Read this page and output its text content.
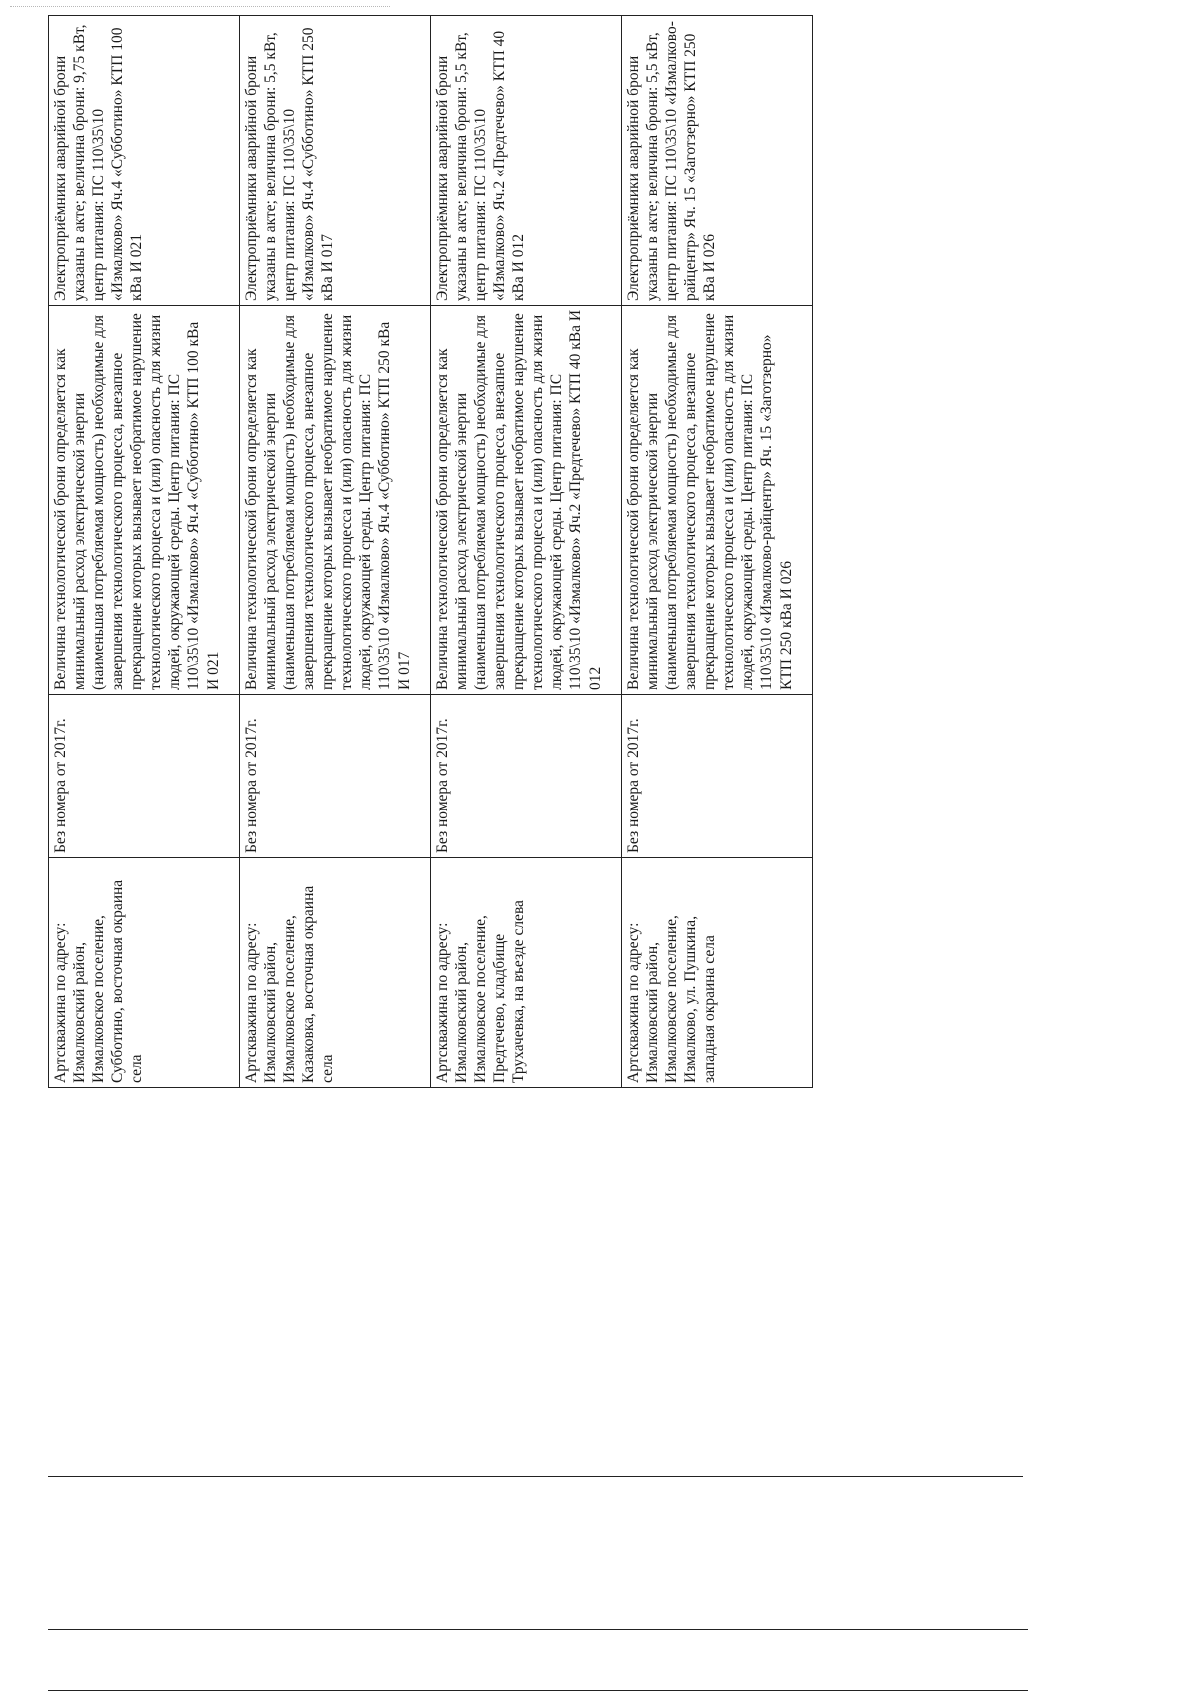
Артскважина по адресу: Измалковский район, Измалковское поселение, Субботино, восточная окраина села	Без номера от 2017г.	Величина технологической брони определяется как минимальный расход электрической энергии (наименьшая потребляемая мощность) необходимые для завершения технологического процесса, внезапное прекращение которых вызывает необратимое нарушение технологического процесса и (или) опасность для жизни людей, окружающей среды. Центр питания: ПС 110\35\10 «Измалково» Яч.4 «Субботино» КТП 100 кВа И 021	Электроприёмники аварийной брони указаны в акте; величина брони: 9,75 кВт, центр питания: ПС 110\35\10 «Измалково» Яч.4 «Субботино» КТП 100 кВа И 021

Артскважина по адресу: Измалковский район, Измалковское поселение, Казаковка, восточная окраина села	Без номера от 2017г.	Величина технологической брони определяется как минимальный расход электрической энергии (наименьшая потребляемая мощность) необходимые для завершения технологического процесса, внезапное прекращение которых вызывает необратимое нарушение технологического процесса и (или) опасность для жизни людей, окружающей среды. Центр питания: ПС 110\35\10 «Измалково» Яч.4 «Субботино» КТП 250 кВа И 017	Электроприёмники аварийной брони указаны в акте; величина брони: 5,5 кВт, центр питания: ПС 110\35\10 «Измалково» Яч.4 «Субботино» КТП 250 кВа И 017

Артскважина по адресу: Измалковский район, Измалковское поселение, Предтечево, кладбище Трухачевка, на въезде слева	Без номера от 2017г.	Величина технологической брони определяется как минимальный расход электрической энергии (наименьшая потребляемая мощность) необходимые для завершения технологического процесса, внезапное прекращение которых вызывает необратимое нарушение технологического процесса и (или) опасность для жизни людей, окружающей среды. Центр питания: ПС 110\35\10 «Измалково» Яч.2 «Предтечево» КТП 40 кВа И 012	Электроприёмники аварийной брони указаны в акте; величина брони: 5,5 кВт, центр питания: ПС 110\35\10 «Измалково» Яч.2 «Предтечево» КТП 40 кВа И 012

Артскважина по адресу: Измалковский район, Измалковское поселение, Измалково, ул. Пушкина, западная окраина села	Без номера от 2017г.	Величина технологической брони определяется как минимальный расход электрической энергии (наименьшая потребляемая мощность) необходимые для завершения технологического процесса, внезапное прекращение которых вызывает необратимое нарушение технологического процесса и (или) опасность для жизни людей, окружающей среды. Центр питания: ПС 110\35\10 «Измалково-райцентр» Яч. 15 «Заготзерно» КТП 250 кВа И 026	Электроприёмники аварийной брони указаны в акте; величина брони: 5,5 кВт, центр питания: ПС 110\35\10 «Измалково-райцентр» Яч. 15 «Заготзерно» КТП 250 кВа И 026
